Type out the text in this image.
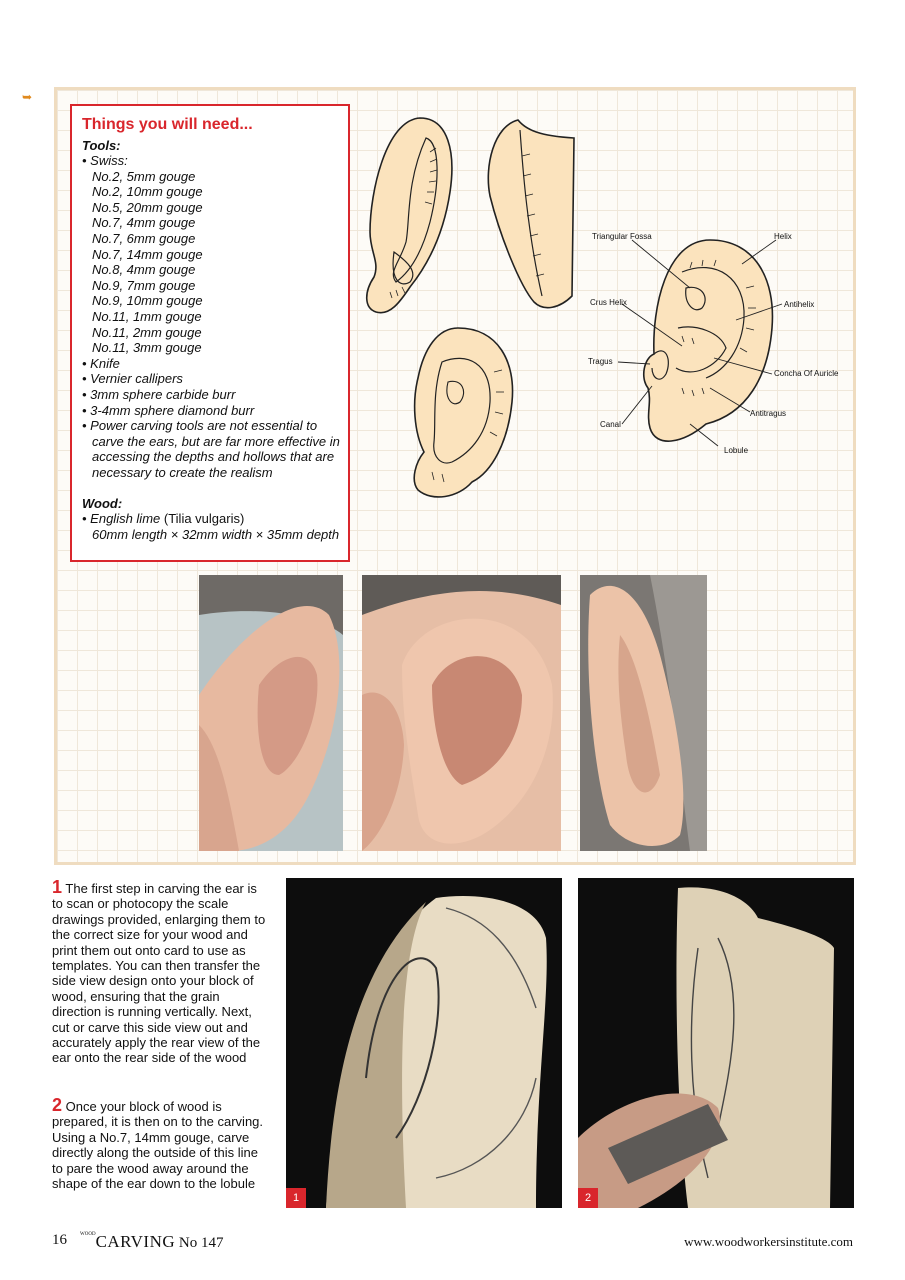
➥

Things you will need...

Tools:

• Swiss:
No.2, 5mm gouge
No.2, 10mm gouge
No.5, 20mm gouge
No.7, 4mm gouge
No.7, 6mm gouge
No.7, 14mm gouge
No.8, 4mm gouge
No.9, 7mm gouge
No.9, 10mm gouge
No.11, 1mm gouge
No.11, 2mm gouge
No.11, 3mm gouge
• Knife
• Vernier callipers
• 3mm sphere carbide burr
• 3-4mm sphere diamond burr
• Power carving tools are not essential to carve the ears, but are far more effective in accessing the depths and hollows that are necessary to create the realism

Wood:

• English lime (Tilia vulgaris)
60mm length × 32mm width × 35mm depth
Triangular Fossa	Helix
Crus Helix	Antihelix
Tragus
Concha Of Auricle
Antitragus
Canal
Lobule
1 The first step in carving the ear is to scan or photocopy the scale drawings provided, enlarging them to the correct size for your wood and print them out onto card to use as templates. You can then transfer the side view design onto your block of wood, ensuring that the grain direction is running vertically. Next, cut or carve this side view out and accurately apply the rear view of the ear onto the rear side of the wood
2 Once your block of wood is prepared, it is then on to the carving. Using a No.7, 14mm gouge, carve directly along the outside of this line to pare the wood away around the shape of the ear down to the lobule
1	2
16	$^{WOOD}$CARVING No 147	www.woodworkersinstitute.com
